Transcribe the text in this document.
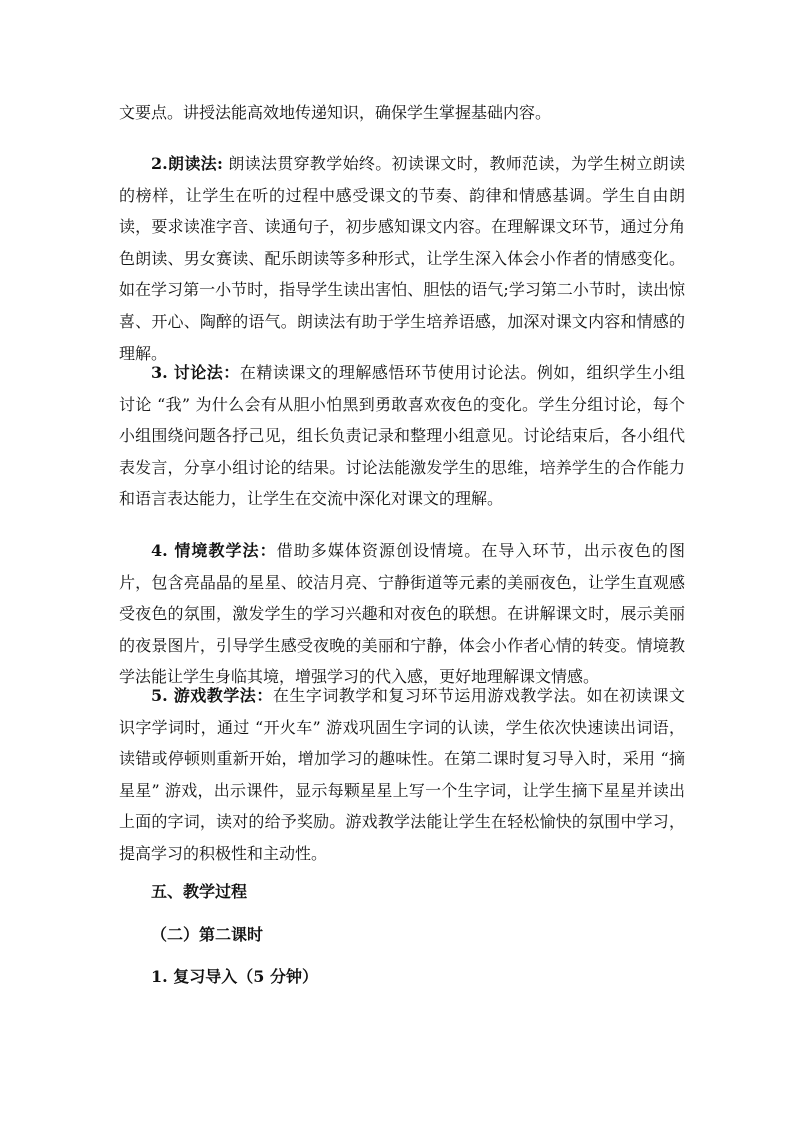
文要点。讲授法能高效地传递知识，确保学生掌握基础内容。

2.朗读法: 朗读法贯穿教学始终。初读课文时，教师范读，为学生树立朗读的榜样，让学生在听的过程中感受课文的节奏、韵律和情感基调。学生自由朗读，要求读准字音、读通句子，初步感知课文内容。在理解课文环节，通过分角色朗读、男女赛读、配乐朗读等多种形式，让学生深入体会小作者的情感变化。如在学习第一小节时，指导学生读出害怕、胆怯的语气;学习第二小节时，读出惊喜、开心、陶醉的语气。朗读法有助于学生培养语感，加深对课文内容和情感的理解。

3. 讨论法：在精读课文的理解感悟环节使用讨论法。例如，组织学生小组讨论 “我” 为什么会有从胆小怕黑到勇敢喜欢夜色的变化。学生分组讨论，每个小组围绕问题各抒己见，组长负责记录和整理小组意见。讨论结束后，各小组代表发言，分享小组讨论的结果。讨论法能激发学生的思维，培养学生的合作能力和语言表达能力，让学生在交流中深化对课文的理解。

4. 情境教学法：借助多媒体资源创设情境。在导入环节，出示夜色的图片，包含亮晶晶的星星、皎洁月亮、宁静街道等元素的美丽夜色，让学生直观感受夜色的氛围，激发学生的学习兴趣和对夜色的联想。在讲解课文时，展示美丽的夜景图片，引导学生感受夜晚的美丽和宁静，体会小作者心情的转变。情境教学法能让学生身临其境，增强学习的代入感，更好地理解课文情感。

5. 游戏教学法：在生字词教学和复习环节运用游戏教学法。如在初读课文识字学词时，通过 “开火车” 游戏巩固生字词的认读，学生依次快速读出词语，读错或停顿则重新开始，增加学习的趣味性。在第二课时复习导入时，采用 “摘星星” 游戏，出示课件，显示每颗星星上写一个生字词，让学生摘下星星并读出上面的字词，读对的给予奖励。游戏教学法能让学生在轻松愉快的氛围中学习，提高学习的积极性和主动性。

五、教学过程

（二）第二课时

1. 复习导入（5 分钟）
